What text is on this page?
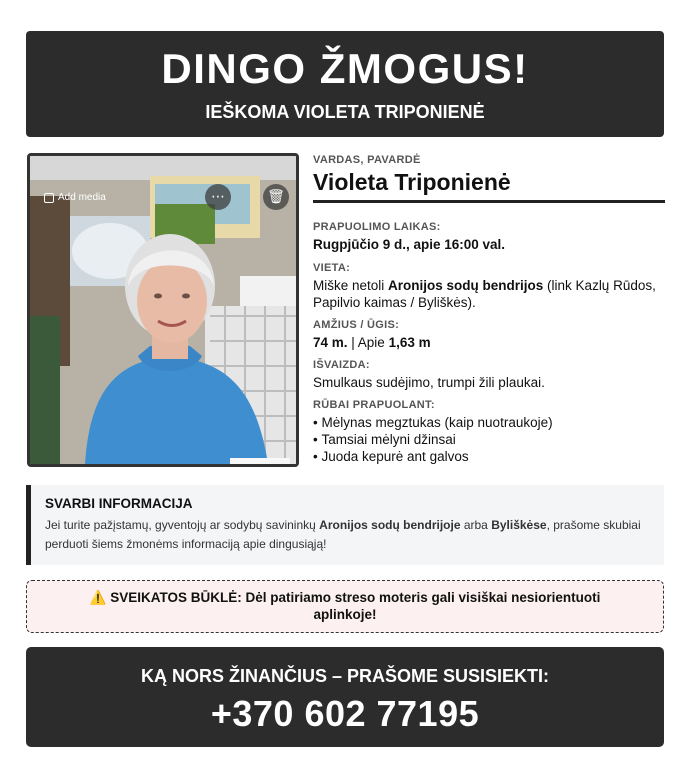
DINGO ŽMOGUS!
IEŠKOMA VIOLETA TRIPONIENĖ
Add media	⋯	🗑
VARDAS, PAVARDĖ
Violeta Triponienė
PRAPUOLIMO LAIKAS:
Rugpjūčio 9 d., apie 16:00 val.
VIETA:
Miške netoli Aronijos sodų bendrijos (link Kazlų Rūdos, Papilvio kaimas / Byliškės).
AMŽIUS / ŪGIS:
74 m. | Apie 1,63 m
IŠVAIZDA:
Smulkaus sudėjimo, trumpi žili plaukai.
RŪBAI PRAPUOLANT:
• Mėlynas megztukas (kaip nuotraukoje)
• Tamsiai mėlyni džinsai
• Juoda kepurė ant galvos
SVARBI INFORMACIJA
Jei turite pažįstamų, gyventojų ar sodybų savininkų Aronijos sodų bendrijoje arba Byliškėse, prašome skubiai perduoti šiems žmonėms informaciją apie dingusiąją!
⚠️ SVEIKATOS BŪKLĖ: Dėl patiriamo streso moteris gali visiškai nesiorientuoti aplinkoje!
KĄ NORS ŽINANČIUS – PRAŠOME SUSISIEKTI:
+370 602 77195
